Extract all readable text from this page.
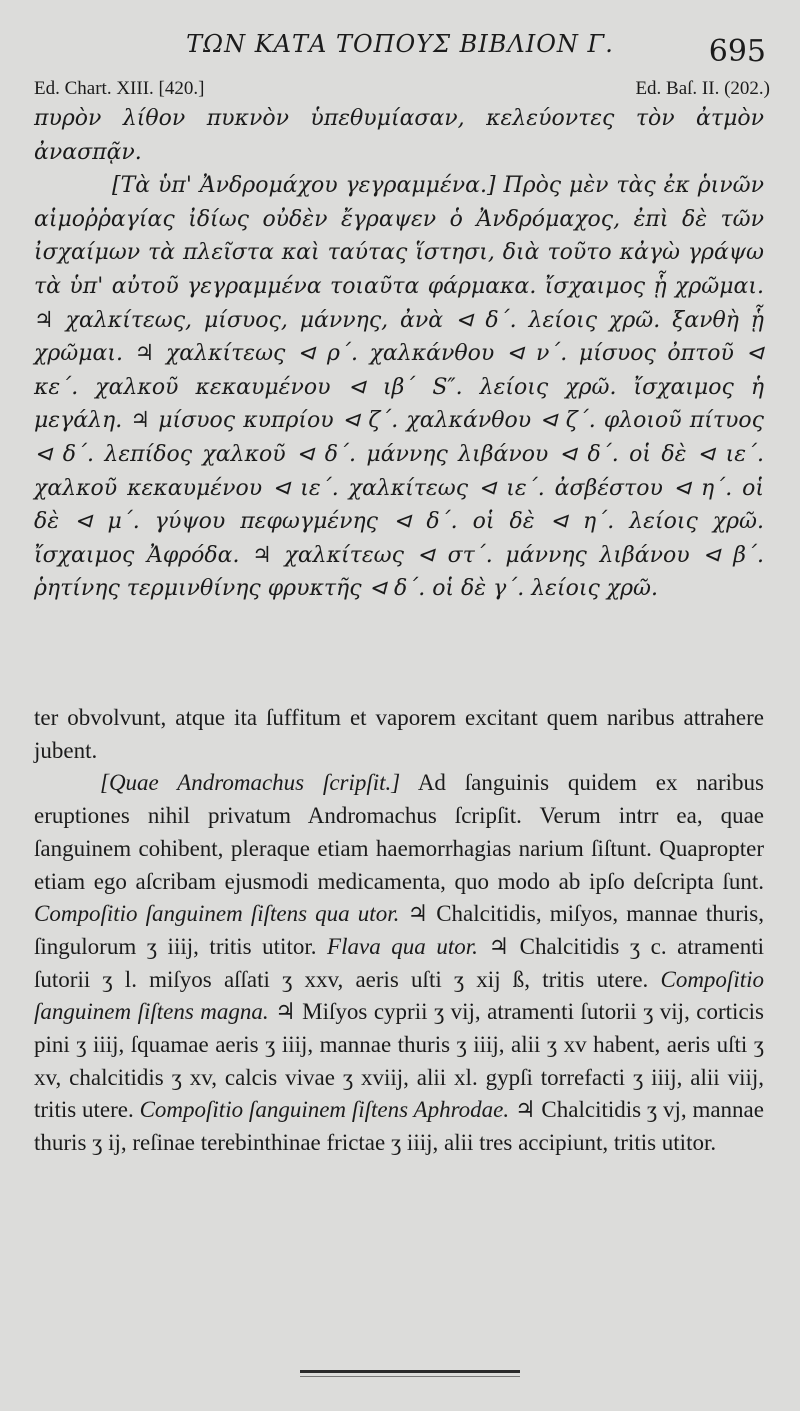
ΤΩΝ ΚΑΤΑ ΤΟΠΟΥΣ ΒΙΒΛΙΟΝ Γ.	695
Ed. Chart. XIII. [420.]	Ed. Baſ. II. (202.)

πυρὸν λίθον πυκνὸν ὑπεθυμίασαν, κελεύοντες τὸν ἀτμὸν ἀνασπᾷν.

[Τὰ ὑπ' Ἀνδρομάχου γεγραμμένα.] Πρὸς μὲν τὰς ἐκ ῥινῶν αἱμοῤῥαγίας ἰδίως οὐδὲν ἔγραψεν ὁ Ἀνδρόμαχος, ἐπὶ δὲ τῶν ἰσχαίμων τὰ πλεῖστα καὶ ταύτας ἵστησι, διὰ τοῦτο κἀγὼ γράψω τὰ ὑπ' αὐτοῦ γεγραμμένα τοιαῦτα φάρμακα. ἴσχαιμος ᾗ χρῶμαι. ♃ χαλκίτεως, μίσυος, μάννης, ἀνὰ ⊲ δ΄. λείοις χρῶ. ξανθὴ ᾗ χρῶμαι. ♃ χαλκίτεως ⊲ ρ΄. χαλκάνθου ⊲ ν΄. μίσυος ὀπτοῦ ⊲ κε΄. χαλκοῦ κεκαυμένου ⊲ ιβ΄ S″. λείοις χρῶ. ἴσχαιμος ἡ μεγάλη. ♃ μίσυος κυπρίου ⊲ ζ΄. χαλκάνθου ⊲ ζ΄. φλοιοῦ πίτυος ⊲ δ΄. λεπίδος χαλκοῦ ⊲ δ΄. μάννης λιβάνου ⊲ δ΄. οἱ δὲ ⊲ ιε΄. χαλκοῦ κεκαυμένου ⊲ ιε΄. χαλκίτεως ⊲ ιε΄. ἀσβέστου ⊲ η΄. οἱ δὲ ⊲ μ΄. γύψου πεφωγμένης ⊲ δ΄. οἱ δὲ ⊲ η΄. λείοις χρῶ. ἴσχαιμος Ἀφρόδα. ♃ χαλκίτεως ⊲ στ΄. μάννης λιβάνου ⊲ β΄. ῥητίνης τερμινθίνης φρυκτῆς ⊲ δ΄. οἱ δὲ γ΄. λείοις χρῶ.

ter obvolvunt, atque ita ſuffitum et vaporem excitant quem naribus attrahere jubent.

[Quae Andromachus ſcripſit.] Ad ſanguinis quidem ex naribus eruptiones nihil privatum Andromachus ſcripſit. Verum intrr ea, quae ſanguinem cohibent, pleraque etiam haemorrhagias narium ſiſtunt. Quapropter etiam ego aſcribam ejusmodi medicamenta, quo modo ab ipſo deſcripta ſunt. Compoſitio ſanguinem ſiſtens qua utor. ♃ Chalcitidis, miſyos, mannae thuris, ſingulorum ʒ iiij, tritis utitor. Flava qua utor. ♃ Chalcitidis ʒ c. atramenti ſutorii ʒ l. miſyos aſſati ʒ xxv, aeris uſti ʒ xij ß, tritis utere. Compoſitio ſanguinem ſiſtens magna. ♃ Miſyos cyprii ʒ vij, atramenti ſutorii ʒ vij, corticis pini ʒ iiij, ſquamae aeris ʒ iiij, mannae thuris ʒ iiij, alii ʒ xv habent, aeris uſti ʒ xv, chalcitidis ʒ xv, calcis vivae ʒ xviij, alii xl. gypſi torrefacti ʒ iiij, alii viij, tritis utere. Compoſitio ſanguinem ſiſtens Aphrodae. ♃ Chalcitidis ʒ vj, mannae thuris ʒ ij, reſinae terebinthinae frictae ʒ iiij, alii tres accipiunt, tritis utitor.
